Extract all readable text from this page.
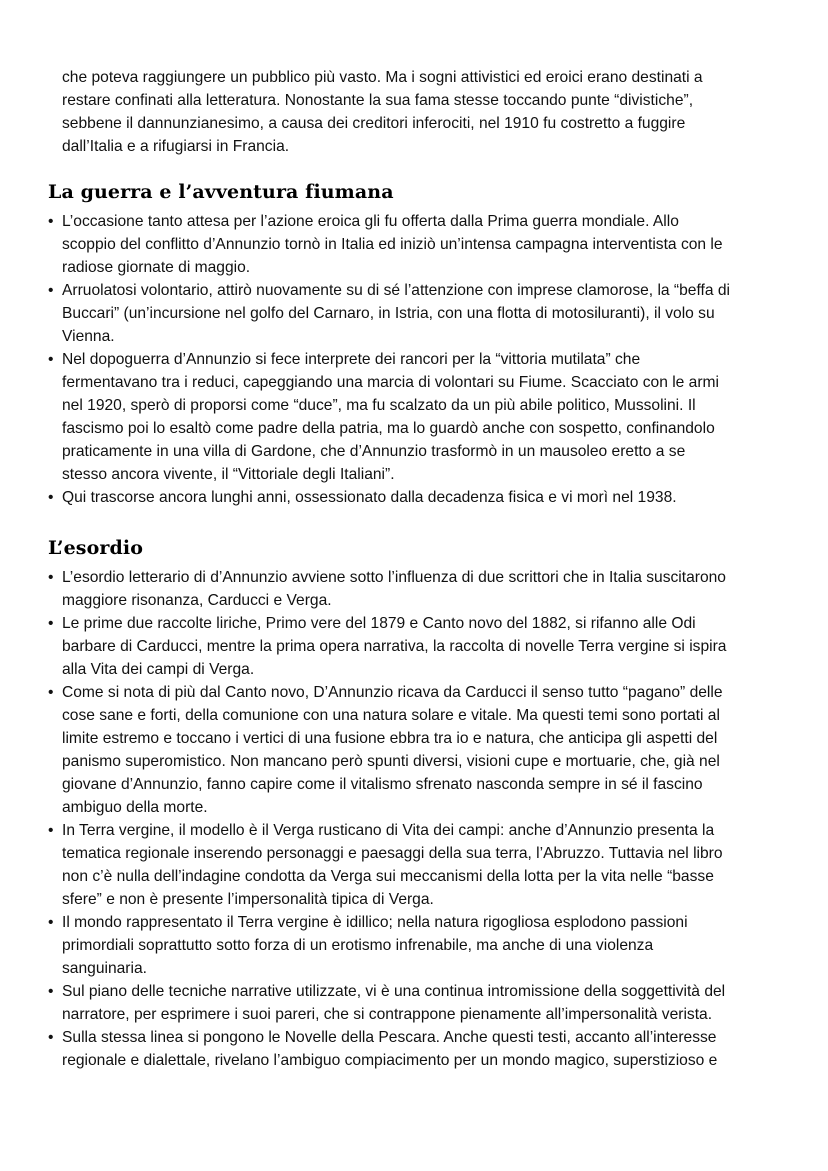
che poteva raggiungere un pubblico più vasto. Ma i sogni attivistici ed eroici erano destinati a

restare confinati alla letteratura. Nonostante la sua fama stesse toccando punte “divistiche”,

sebbene il dannunzianesimo, a causa dei creditori inferociti, nel 1910 fu costretto a fuggire

dall’Italia e a rifugiarsi in Francia.

La guerra e l’avventura fiumana
• L’occasione tanto attesa per l’azione eroica gli fu offerta dalla Prima guerra mondiale. Allo
scoppio del conflitto d’Annunzio tornò in Italia ed iniziò un’intensa campagna interventista con le
radiose giornate di maggio.
• Arruolatosi volontario, attirò nuovamente su di sé l’attenzione con imprese clamorose, la “beffa di
Buccari” (un’incursione nel golfo del Carnaro, in Istria, con una flotta di motosiluranti), il volo su
Vienna.
• Nel dopoguerra d’Annunzio si fece interprete dei rancori per la “vittoria mutilata” che
fermentavano tra i reduci, capeggiando una marcia di volontari su Fiume. Scacciato con le armi
nel 1920, sperò di proporsi come “duce”, ma fu scalzato da un più abile politico, Mussolini. Il
fascismo poi lo esaltò come padre della patria, ma lo guardò anche con sospetto, confinandolo
praticamente in una villa di Gardone, che d’Annunzio trasformò in un mausoleo eretto a se
stesso ancora vivente, il “Vittoriale degli Italiani”.
• Qui trascorse ancora lunghi anni, ossessionato dalla decadenza fisica e vi morì nel 1938.
L’esordio
• L’esordio letterario di d’Annunzio avviene sotto l’influenza di due scrittori che in Italia suscitarono
maggiore risonanza, Carducci e Verga.
• Le prime due raccolte liriche, Primo vere del 1879 e Canto novo del 1882, si rifanno alle Odi
barbare di Carducci, mentre la prima opera narrativa, la raccolta di novelle Terra vergine si ispira
alla Vita dei campi di Verga.
• Come si nota di più dal Canto novo, D’Annunzio ricava da Carducci il senso tutto “pagano” delle
cose sane e forti, della comunione con una natura solare e vitale. Ma questi temi sono portati al
limite estremo e toccano i vertici di una fusione ebbra tra io e natura, che anticipa gli aspetti del
panismo superomistico. Non mancano però spunti diversi, visioni cupe e mortuarie, che, già nel
giovane d’Annunzio, fanno capire come il vitalismo sfrenato nasconda sempre in sé il fascino
ambiguo della morte.
• In Terra vergine, il modello è il Verga rusticano di Vita dei campi: anche d’Annunzio presenta la
tematica regionale inserendo personaggi e paesaggi della sua terra, l’Abruzzo. Tuttavia nel libro
non c’è nulla dell’indagine condotta da Verga sui meccanismi della lotta per la vita nelle “basse
sfere” e non è presente l’impersonalità tipica di Verga.
• Il mondo rappresentato il Terra vergine è idillico; nella natura rigogliosa esplodono passioni
primordiali soprattutto sotto forza di un erotismo infrenabile, ma anche di una violenza
sanguinaria.
• Sul piano delle tecniche narrative utilizzate, vi è una continua intromissione della soggettività del
narratore, per esprimere i suoi pareri, che si contrappone pienamente all’impersonalità verista.
• Sulla stessa linea si pongono le Novelle della Pescara. Anche questi testi, accanto all’interesse
regionale e dialettale, rivelano l’ambiguo compiacimento per un mondo magico, superstizioso e
